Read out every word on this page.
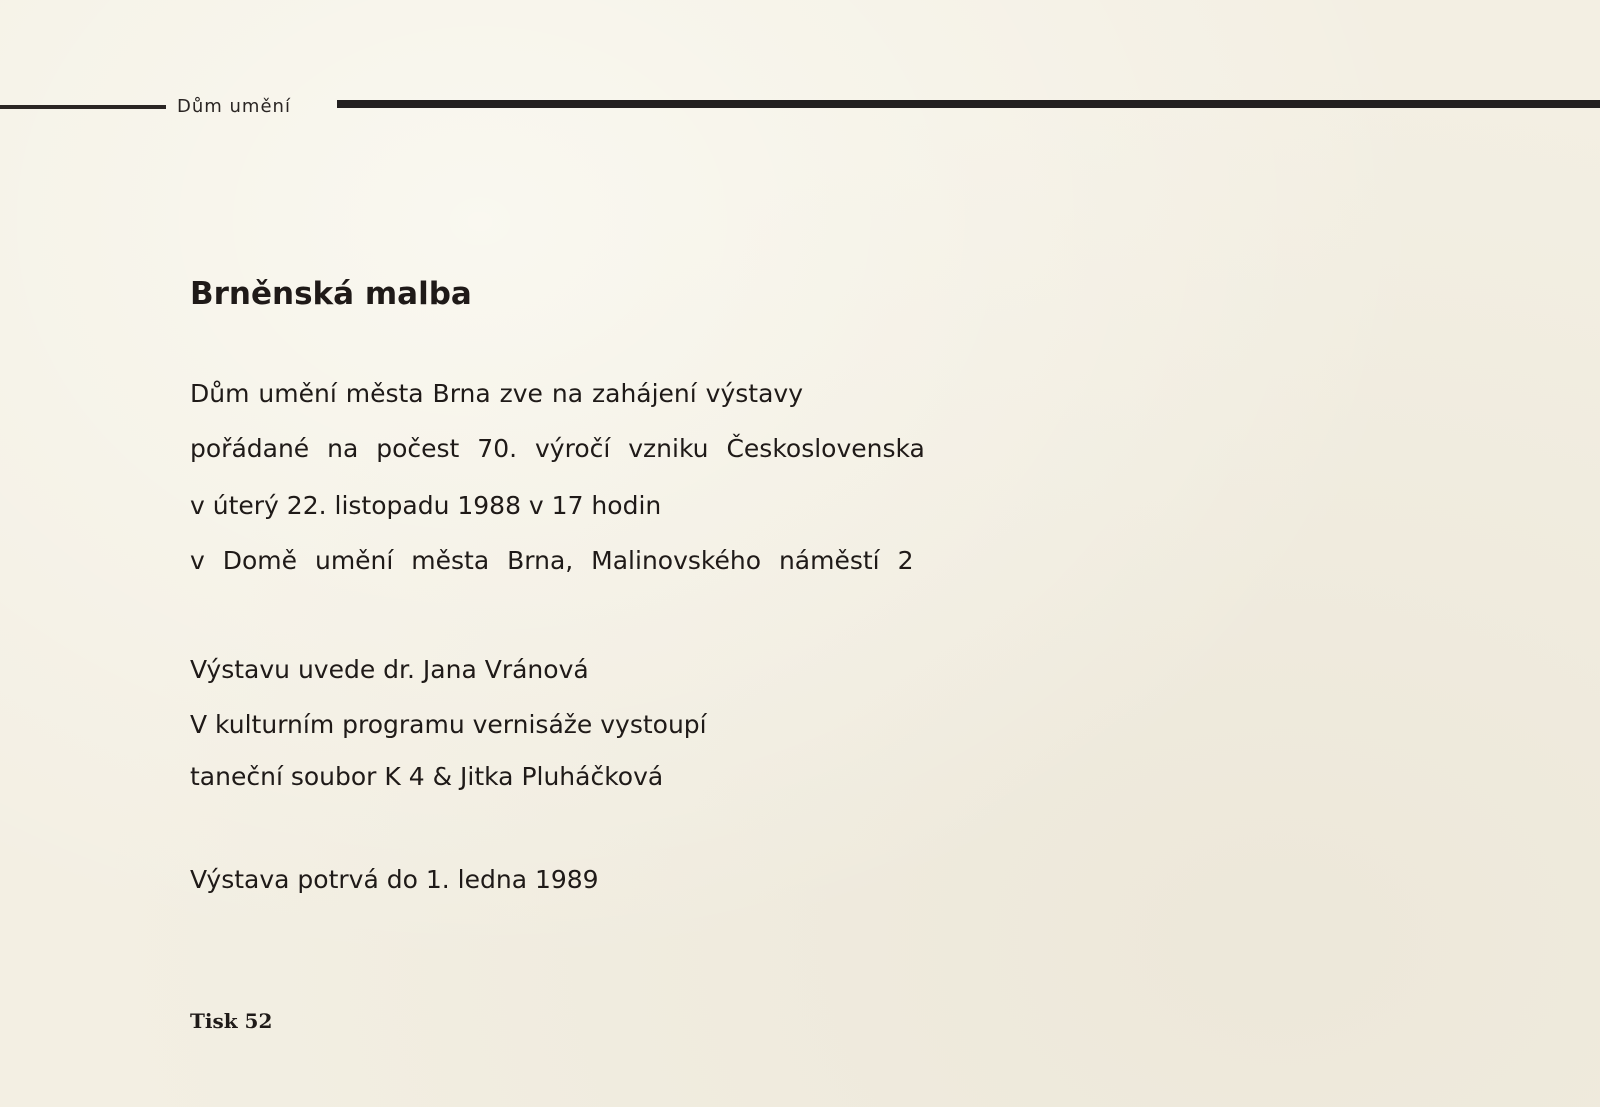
Dům umění
Brněnská malba
Dům umění města Brna zve na zahájení výstavy
pořádané na počest 70. výročí vzniku Československa
v úterý 22. listopadu 1988 v 17 hodin
v Domě umění města Brna, Malinovského náměstí 2
Výstavu uvede dr. Jana Vránová
V kulturním programu vernisáže vystoupí
taneční soubor K 4 & Jitka Pluháčková
Výstava potrvá do 1. ledna 1989
Tisk 52
